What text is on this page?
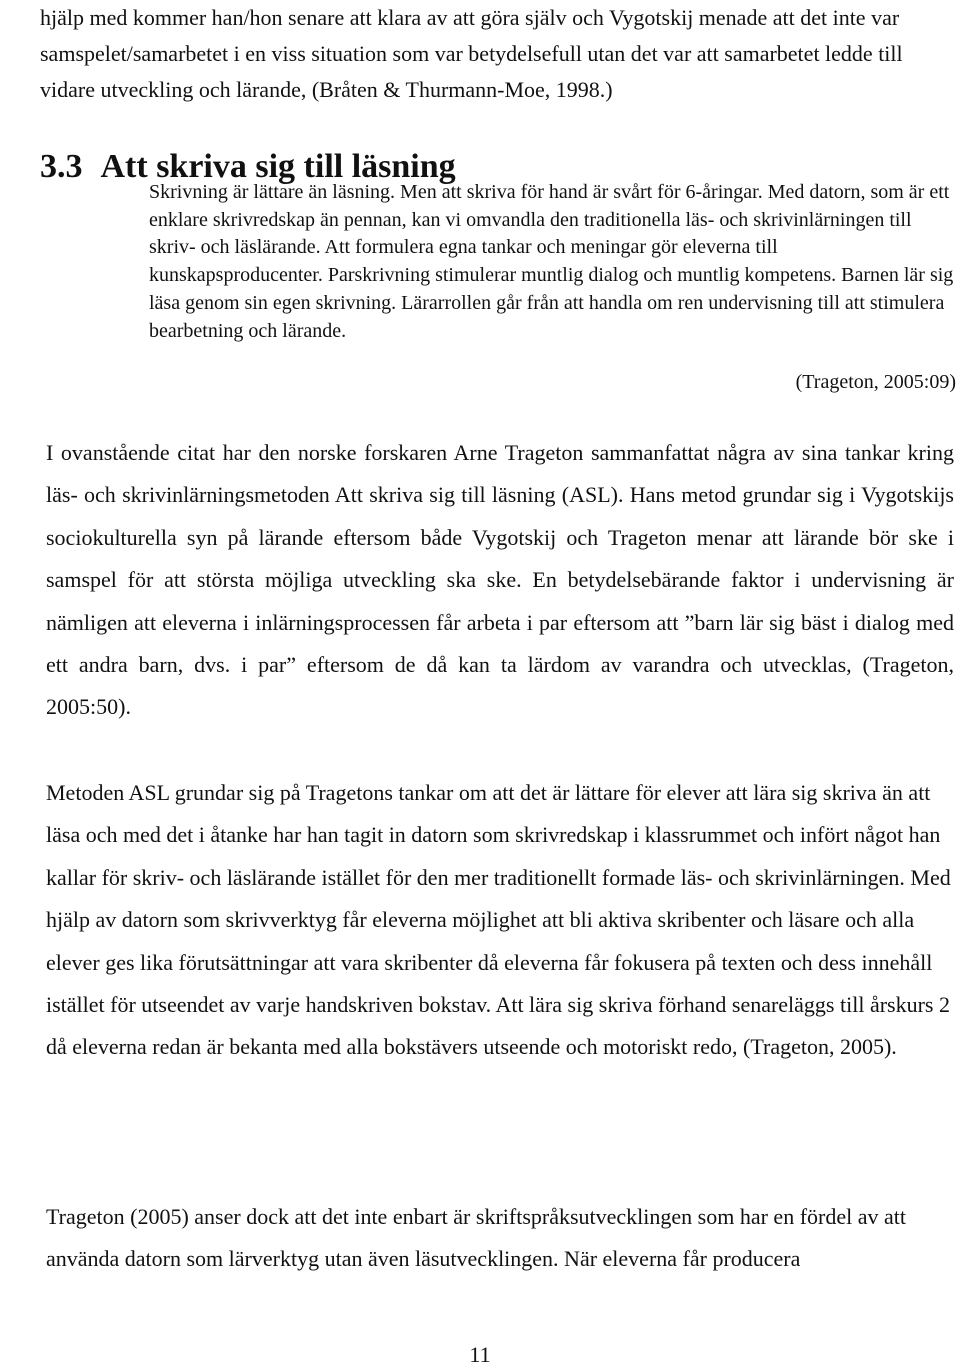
hjälp med kommer han/hon senare att klara av att göra själv och Vygotskij menade att det inte var samspelet/samarbetet i en viss situation som var betydelsefull utan det var att samarbetet ledde till vidare utveckling och lärande, (Bråten & Thurmann-Moe, 1998.)

3.3 Att skriva sig till läsning

Skrivning är lättare än läsning. Men att skriva för hand är svårt för 6-åringar. Med datorn, som är ett enklare skrivredskap än pennan, kan vi omvandla den traditionella läs- och skrivinlärningen till skriv- och läslärande. Att formulera egna tankar och meningar gör eleverna till kunskapsproducenter. Parskrivning stimulerar muntlig dialog och muntlig kompetens. Barnen lär sig läsa genom sin egen skrivning. Lärarrollen går från att handla om ren undervisning till att stimulera bearbetning och lärande.

(Trageton, 2005:09)

I ovanstående citat har den norske forskaren Arne Trageton sammanfattat några av sina tankar kring läs- och skrivinlärningsmetoden Att skriva sig till läsning (ASL). Hans metod grundar sig i Vygotskijs sociokulturella syn på lärande eftersom både Vygotskij och Trageton menar att lärande bör ske i samspel för att största möjliga utveckling ska ske. En betydelsebärande faktor i undervisning är nämligen att eleverna i inlärningsprocessen får arbeta i par eftersom att ”barn lär sig bäst i dialog med ett andra barn, dvs. i par” eftersom de då kan ta lärdom av varandra och utvecklas, (Trageton, 2005:50).

Metoden ASL grundar sig på Tragetons tankar om att det är lättare för elever att lära sig skriva än att läsa och med det i åtanke har han tagit in datorn som skrivredskap i klassrummet och infört något han kallar för skriv- och läslärande istället för den mer traditionellt formade läs- och skrivinlärningen. Med hjälp av datorn som skrivverktyg får eleverna möjlighet att bli aktiva skribenter och läsare och alla elever ges lika förutsättningar att vara skribenter då eleverna får fokusera på texten och dess innehåll istället för utseendet av varje handskriven bokstav. Att lära sig skriva förhand senareläggs till årskurs 2 då eleverna redan är bekanta med alla bokstävers utseende och motoriskt redo, (Trageton, 2005).

Trageton (2005) anser dock att det inte enbart är skriftspråksutvecklingen som har en fördel av att använda datorn som lärverktyg utan även läsutvecklingen. När eleverna får producera

11
